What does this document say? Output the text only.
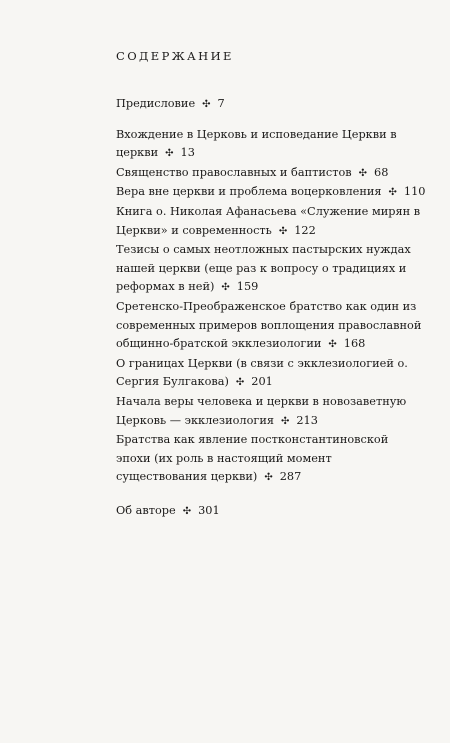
СОДЕРЖАНИЕ

Предисловие ✣ 7

Вхождение в Церковь и исповедание Церкви в церкви ✣ 13

Священство православных и баптистов ✣ 68

Вера вне церкви и проблема воцерковления ✣ 110

Книга о. Николая Афанасьева «Служение мирян в Церкви» и современность ✣ 122

Тезисы о самых неотложных пастырских нуждах нашей церкви (еще раз к вопросу о традициях и реформах в ней) ✣ 159

Сретенско-Преображенское братство как один из современных примеров воплощения православной общинно-братской экклезиологии ✣ 168

О границах Церкви (в связи с экклезиологией о. Сергия Булгакова) ✣ 201

Начала веры человека и церкви в новозаветную Церковь — экклезиология ✣ 213

Братства как явление постконстантиновской эпохи (их роль в настоящий момент существования церкви) ✣ 287

Об авторе ✣ 301
